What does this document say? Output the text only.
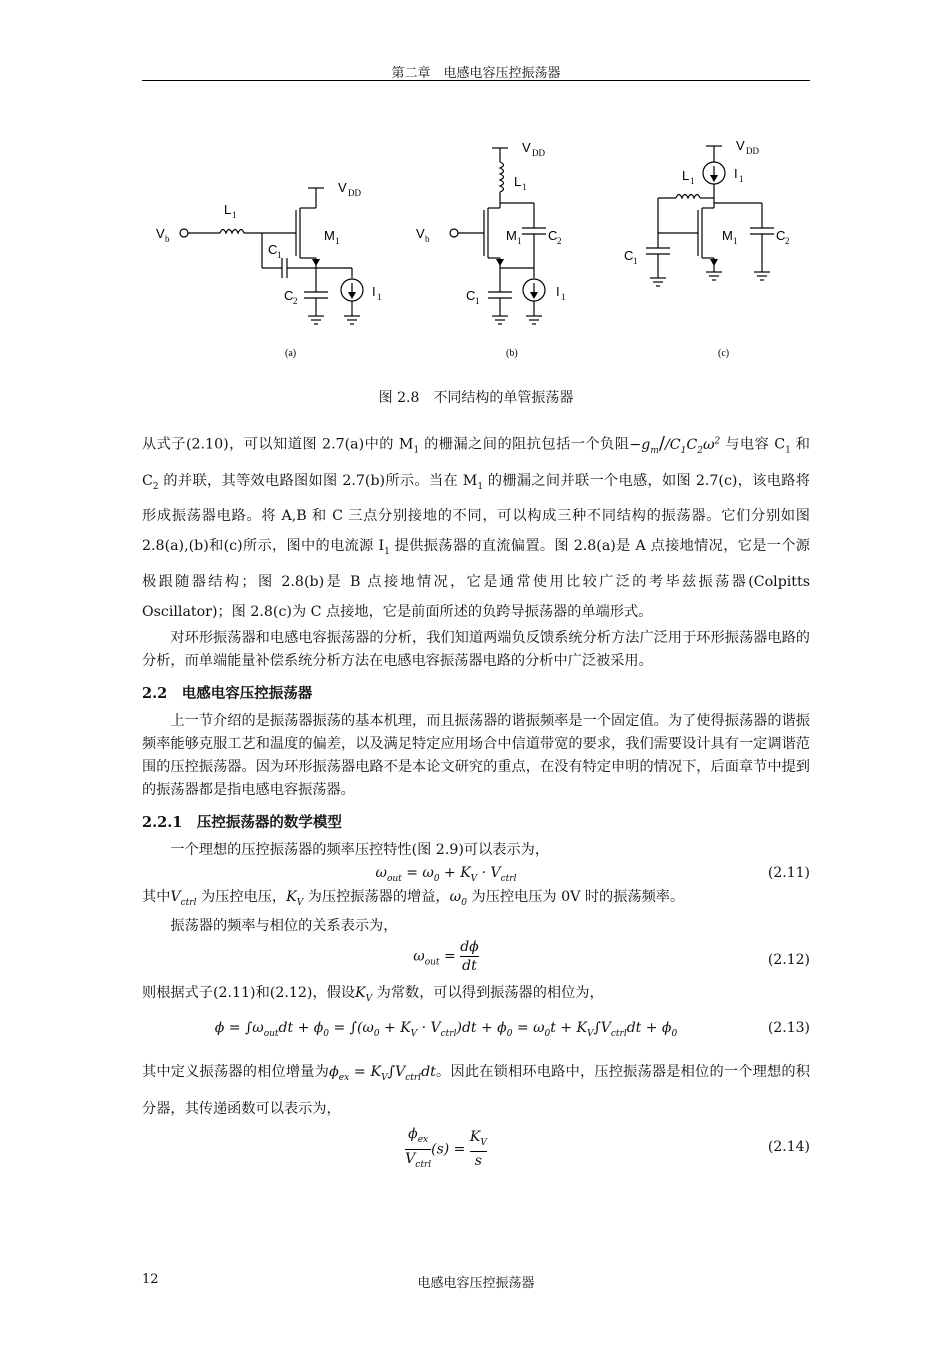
第二章　电感电容压控振荡器
V DD
M 1
V b
L 1
C 1
C 2
I 1
(a)
V DD
L 1
M 1
V b	C 2
C 1
I 1
(b)
V DD
I 1
L 1
M 1
C 1
C 2
(c)
图 2.8　不同结构的单管振荡器

从式子(2.10)，可以知道图 2.7(a)中的 $M_1$ 的栅漏之间的阻抗包括一个负阻$-g_m//C_1C_2\omega^2$ 与电容 $C_1$ 和 $C_2$ 的并联，其等效电路图如图 2.7(b)所示。当在 $M_1$ 的栅漏之间并联一个电感，如图 2.7(c)，该电路将形成振荡器电路。将 A,B 和 C 三点分别接地的不同，可以构成三种不同结构的振荡器。它们分别如图 2.8(a),(b)和(c)所示，图中的电流源 $I_1$ 提供振荡器的直流偏置。图 2.8(a)是 A 点接地情况，它是一个源极跟随器结构；图 2.8(b)是 B 点接地情况，它是通常使用比较广泛的考毕兹振荡器(Colpitts Oscillator)；图 2.8(c)为 C 点接地，它是前面所述的负跨导振荡器的单端形式。

对环形振荡器和电感电容振荡器的分析，我们知道两端负反馈系统分析方法广泛用于环形振荡器电路的分析，而单端能量补偿系统分析方法在电感电容振荡器电路的分析中广泛被采用。

2.2　电感电容压控振荡器

上一节介绍的是振荡器振荡的基本机理，而且振荡器的谐振频率是一个固定值。为了使得振荡器的谐振频率能够克服工艺和温度的偏差，以及满足特定应用场合中信道带宽的要求，我们需要设计具有一定调谐范围的压控振荡器。因为环形振荡器电路不是本论文研究的重点，在没有特定申明的情况下，后面章节中提到的振荡器都是指电感电容振荡器。

2.2.1　压控振荡器的数学模型

一个理想的压控振荡器的频率压控特性(图 2.9)可以表示为，

$\omega_{out} = \omega_0 + K_V \cdot V_{ctrl}$	(2.11)

其中$V_{ctrl}$ 为压控电压，$K_V$ 为压控振荡器的增益，$\omega_0$ 为压控电压为 0V 时的振荡频率。

振荡器的频率与相位的关系表示为，

$\omega_{out} = \frac{d\phi}{dt}$	(2.12)

则根据式子(2.11)和(2.12)，假设$K_V$ 为常数，可以得到振荡器的相位为，

$\phi = \int\omega_{out}dt + \phi_0 = \int(\omega_0 + K_V \cdot V_{ctrl})dt + \phi_0 = \omega_0t + K_V\int V_{ctrl}dt + \phi_0$	(2.13)

其中定义振荡器的相位增量为$\phi_{ex} = K_V\int V_{ctrl}dt$。因此在锁相环电路中，压控振荡器是相位的一个理想的积分器，其传递函数可以表示为，

$\frac{\phi_{ex}}{V_{ctrl}} (s) = \frac{K_V}{s}$	(2.14)
12	电感电容压控振荡器
